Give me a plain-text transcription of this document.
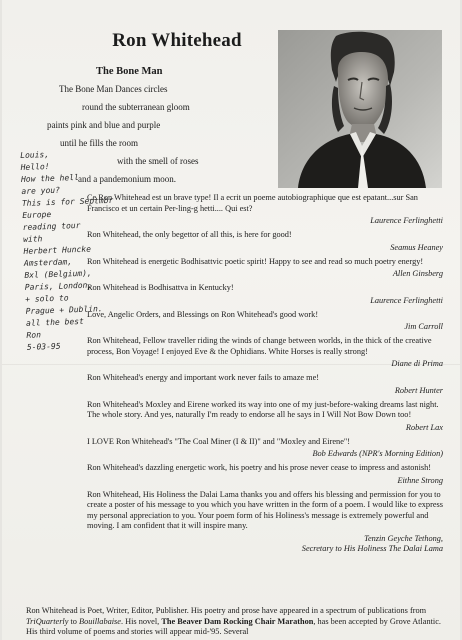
Ron Whitehead
The Bone Man
The Bone Man Dances circles
round the subterranean gloom
paints pink and blue and purple
until he fills the room
with the smell of roses
and a pandemonium moon.
Louis,
Hello!
How the hell
are you?
This is for Septmbr
Europe
reading tour
with
Herbert Huncke
Amsterdam,
Bxl (Belgium),
Paris, London,
+ solo to
Prague + Dublin.
all the best
Ron
5-03-95

Ce Ron Whitehead est un brave type! Il a ecrit un poeme autobiographique que est epatant...sur San Francisco et un certain Per-ling-g hetti.... Qui est?

Laurence Ferlinghetti

Ron Whitehead, the only begettor of all this, is here for good!

Seamus Heaney

Ron Whitehead is energetic Bodhisattvic poetic spirit! Happy to see and read so much poetry energy!

Allen Ginsberg

Ron Whitehead is Bodhisattva in Kentucky!

Laurence Ferlinghetti

Love, Angelic Orders, and Blessings on Ron Whitehead's good work!

Jim Carroll

Ron Whitehead, Fellow traveller riding the winds of change between worlds, in the thick of the creative process, Bon Voyage! I enjoyed Eve & the Ophidians. White Horses is really strong!

Diane di Prima

Ron Whitehead's energy and important work never fails to amaze me!

Robert Hunter

Ron Whitehead's Moxley and Eirene worked its way into one of my just-before-waking dreams last night. The whole story. And yes, naturally I'm ready to endorse all he says in I Will Not Bow Down too!

Robert Lax

I LOVE Ron Whitehead's "The Coal Miner (I & II)" and "Moxley and Eirene"!

Bob Edwards (NPR's Morning Edition)

Ron Whitehead's dazzling energetic work, his poetry and his prose never cease to impress and astonish!

Eithne Strong

Ron Whitehead, His Holiness the Dalai Lama thanks you and offers his blessing and permission for you to create a poster of his message to you which you have written in the form of a poem. I would like to express my personal appreciation to you. Your poem form of his Holiness's message is extremely powerful and moving. I am confident that it will inspire many.

Tenzin Geyche Tethong,

Secretary to His Holiness The Dalai Lama

Ron Whitehead is Poet, Writer, Editor, Publisher. His poetry and prose have appeared in a spectrum of publications from TriQuarterly to Bouillabaise. His novel, The Beaver Dam Rocking Chair Marathon, has been accepted by Grove Atlantic. His third volume of poems and stories will appear mid-'95. Several
